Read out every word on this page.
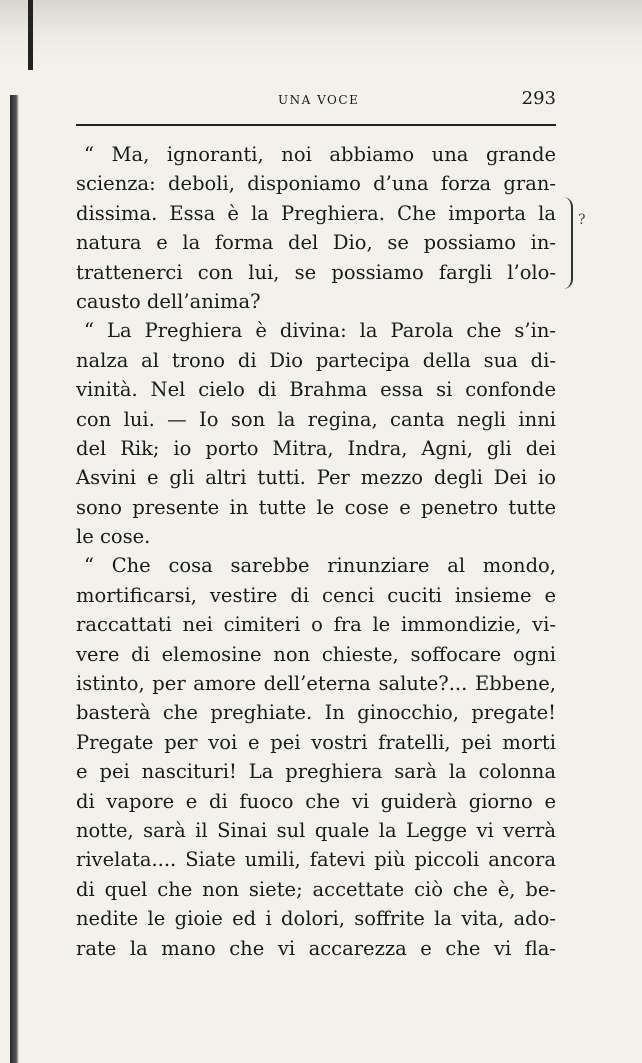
UNA VOCE	293
“ Ma, ignoranti, noi abbiamo una grande
scienza: deboli, disponiamo d’una forza gran-
dissima. Essa è la Preghiera. Che importa la
natura e la forma del Dio, se possiamo in-
trattenerci con lui, se possiamo fargli l’olo-
causto dell’anima?
“ La Preghiera è divina: la Parola che s’in-
nalza al trono di Dio partecipa della sua di-
vinità. Nel cielo di Brahma essa si confonde
con lui. — Io son la regina, canta negli inni
del Rik; io porto Mitra, Indra, Agni, gli dei
Asvini e gli altri tutti. Per mezzo degli Dei io
sono presente in tutte le cose e penetro tutte
le cose.
“ Che cosa sarebbe rinunziare al mondo,
mortificarsi, vestire di cenci cuciti insieme e
raccattati nei cimiteri o fra le immondizie, vi-
vere di elemosine non chieste, soffocare ogni
istinto, per amore dell’eterna salute?... Ebbene,
basterà che preghiate. In ginocchio, pregate!
Pregate per voi e pei vostri fratelli, pei morti
e pei nascituri! La preghiera sarà la colonna
di vapore e di fuoco che vi guiderà giorno e
notte, sarà il Sinai sul quale la Legge vi verrà
rivelata.... Siate umili, fatevi più piccoli ancora
di quel che non siete; accettate ciò che è, be-
nedite le gioie ed i dolori, soffrite la vita, ado-
rate la mano che vi accarezza e che vi fla-
?
